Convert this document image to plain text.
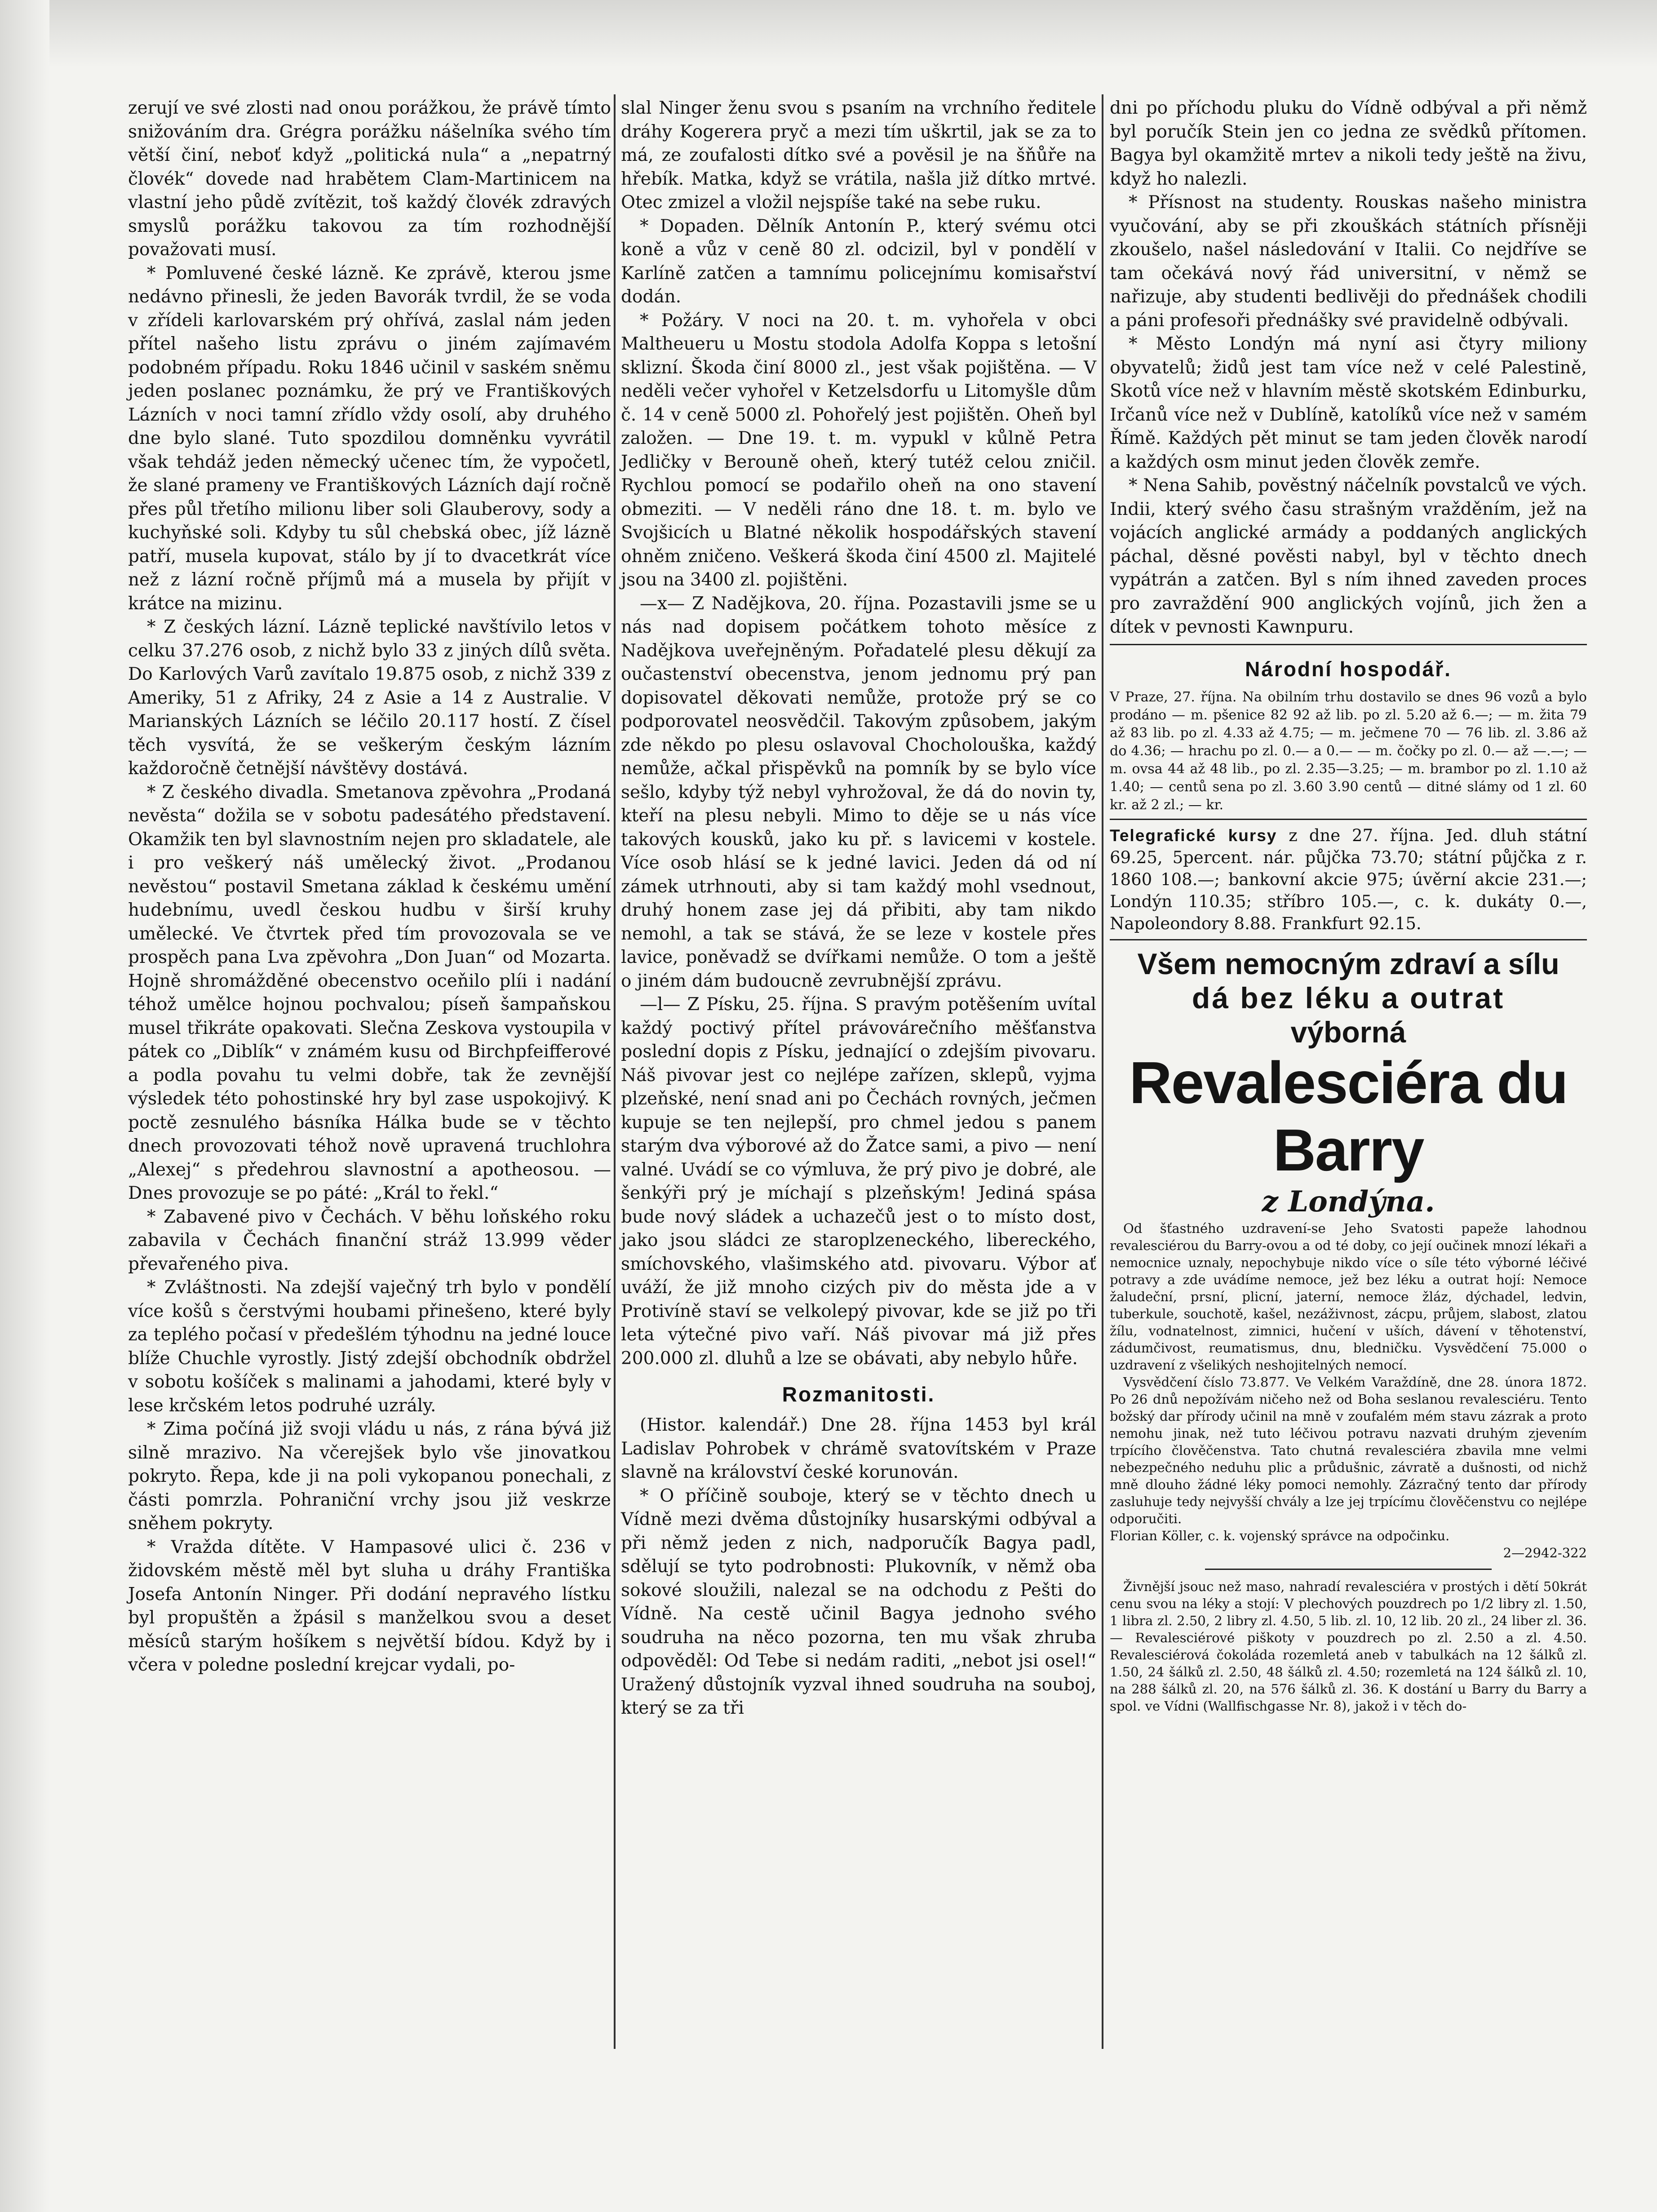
zerují ve své zlosti nad onou porážkou, že právě tímto snižováním dra. Grégra porážku nášelníka svého tím větší činí, neboť když „politická nula“ a „nepatrný človék“ dovede nad hrabětem Clam-Martinicem na vlastní jeho půdě zvítězit, toš každý človék zdravých smyslů porážku takovou za tím rozhodnější považovati musí.

* Pomluvené české lázně. Ke zprávě, kterou jsme nedávno přinesli, že jeden Bavorák tvrdil, že se voda v zřídeli karlovarském prý ohřívá, zaslal nám jeden přítel našeho listu zprávu o jiném zajímavém podobném případu. Roku 1846 učinil v saském sněmu jeden poslanec poznámku, že prý ve Františkových Lázních v noci tamní zřídlo vždy osolí, aby druhého dne bylo slané. Tuto spozdilou domněnku vyvrátil však tehdáž jeden německý učenec tím, že vypočetl, že slané prameny ve Františkových Lázních dají ročně přes půl třetího milionu liber soli Glauberovy, sody a kuchyňské soli. Kdyby tu sůl chebská obec, jíž lázně patří, musela kupovat, stálo by jí to dvacetkrát více než z lázní ročně příjmů má a musela by přijít v krátce na mizinu.

* Z českých lázní. Lázně teplické navštívilo letos v celku 37.276 osob, z nichž bylo 33 z jiných dílů světa. Do Karlových Varů zavítalo 19.875 osob, z nichž 339 z Ameriky, 51 z Afriky, 24 z Asie a 14 z Australie. V Marianských Lázních se léčilo 20.117 hostí. Z čísel těch vysvítá, že se veškerým českým lázním každoročně četnější návštěvy dostává.

* Z českého divadla. Smetanova zpěvohra „Prodaná nevěsta“ dožila se v sobotu padesátého představení. Okamžik ten byl slavnostním nejen pro skladatele, ale i pro veškerý náš umělecký život. „Prodanou nevěstou“ postavil Smetana základ k českému umění hudebnímu, uvedl českou hudbu v širší kruhy umělecké. Ve čtvrtek před tím provozovala se ve prospěch pana Lva zpěvohra „Don Juan“ od Mozarta. Hojně shromážděné obecenstvo oceňilo plíi i nadání téhož umělce hojnou pochvalou; píseň šampaňskou musel třikráte opakovati. Slečna Zeskova vystoupila v pátek co „Diblík“ v známém kusu od Birchpfeifferové a podla povahu tu velmi dobře, tak že zevnější výsledek této pohostinské hry byl zase uspokojivý. K poctě zesnulého básníka Hálka bude se v těchto dnech provozovati téhož nově upravená truchlohra „Alexej“ s předehrou slavnostní a apotheosou. — Dnes provozuje se po páté: „Král to řekl.“

* Zabavené pivo v Čechách. V běhu loňského roku zabavila v Čechách finanční stráž 13.999 věder převařeného piva.

* Zvláštnosti. Na zdejší vaječný trh bylo v pondělí více košů s čerstvými houbami přinešeno, které byly za teplého počasí v předešlém týhodnu na jedné louce blíže Chuchle vyrostly. Jistý zdejší obchodník obdržel v sobotu košíček s malinami a jahodami, které byly v lese krčském letos podruhé uzrály.

* Zima počíná již svoji vládu u nás, z rána bývá již silně mrazivo. Na včerejšek bylo vše jinovatkou pokryto. Řepa, kde ji na poli vykopanou ponechali, z části pomrzla. Pohraniční vrchy jsou již veskrze sněhem pokryty.

* Vražda dítěte. V Hampasové ulici č. 236 v židovském městě měl byt sluha u dráhy Františka Josefa Antonín Ninger. Při dodání nepravého lístku byl propuštěn a žpásil s manželkou svou a deset měsíců starým hošíkem s největší bídou. Když by i včera v poledne poslední krejcar vydali, po-

slal Ninger ženu svou s psaním na vrchního ředitele dráhy Kogerera pryč a mezi tím uškrtil, jak se za to má, ze zoufalosti dítko své a pověsil je na šňůře na hřebík. Matka, když se vrátila, našla již dítko mrtvé. Otec zmizel a vložil nejspíše také na sebe ruku.

* Dopaden. Dělník Antonín P., který svému otci koně a vůz v ceně 80 zl. odcizil, byl v pondělí v Karlíně zatčen a tamnímu policejnímu komisařství dodán.

* Požáry. V noci na 20. t. m. vyhořela v obci Maltheueru u Mostu stodola Adolfa Koppa s letošní sklizní. Škoda činí 8000 zl., jest však pojištěna. — V neděli večer vyhořel v Ketzelsdorfu u Litomyšle dům č. 14 v ceně 5000 zl. Pohořelý jest pojištěn. Oheň byl založen. — Dne 19. t. m. vypukl v kůlně Petra Jedličky v Berouně oheň, který tutéž celou zničil. Rychlou pomocí se podařilo oheň na ono stavení obmeziti. — V neděli ráno dne 18. t. m. bylo ve Svojšicích u Blatné několik hospodářských stavení ohněm zničeno. Veškerá škoda činí 4500 zl. Majitelé jsou na 3400 zl. pojištěni.

—x— Z Nadějkova, 20. října. Pozastavili jsme se u nás nad dopisem počátkem tohoto měsíce z Nadějkova uveřejněným. Pořadatelé plesu děkují za oučastenství obecenstva, jenom jednomu prý pan dopisovatel děkovati nemůže, protože prý se co podporovatel neosvědčil. Takovým způsobem, jakým zde někdo po plesu oslavoval Chocholouška, každý nemůže, ačkal přispěvků na pomník by se bylo více sešlo, kdyby týž nebyl vyhrožoval, že dá do novin ty, kteří na plesu nebyli. Mimo to děje se u nás více takových kousků, jako ku př. s lavicemi v kostele. Více osob hlásí se k jedné lavici. Jeden dá od ní zámek utrhnouti, aby si tam každý mohl vsednout, druhý honem zase jej dá přibiti, aby tam nikdo nemohl, a tak se stává, že se leze v kostele přes lavice, poněvadž se dvířkami nemůže. O tom a ještě o jiném dám budoucně zevrubnější zprávu.

—l— Z Písku, 25. října. S pravým potěšením uvítal každý poctivý přítel právovárečního měšťanstva poslední dopis z Písku, jednající o zdejším pivovaru. Náš pivovar jest co nejlépe zařízen, sklepů, vyjma plzeňské, není snad ani po Čechách rovných, ječmen kupuje se ten nejlepší, pro chmel jedou s panem starým dva výborové až do Žatce sami, a pivo — není valné. Uvádí se co výmluva, že prý pivo je dobré, ale šenkýři prý je míchají s plzeňským! Jediná spása bude nový sládek a uchazečů jest o to místo dost, jako jsou sládci ze staroplzeneckého, libereckého, smíchovského, vlašimského atd. pivovaru. Výbor ať uváží, že již mnoho cizých piv do města jde a v Protivíně staví se velkolepý pivovar, kde se již po tři leta výtečné pivo vaří. Náš pivovar má již přes 200.000 zl. dluhů a lze se obávati, aby nebylo hůře.

Rozmanitosti.

(Histor. kalendář.) Dne 28. října 1453 byl král Ladislav Pohrobek v chrámě svatovítském v Praze slavně na království české korunován.

* O příčině souboje, který se v těchto dnech u Vídně mezi dvěma důstojníky husarskými odbýval a při němž jeden z nich, nadporučík Bagya padl, sdělují se tyto podrobnosti: Plukovník, v němž oba sokové sloužili, nalezal se na odchodu z Pešti do Vídně. Na cestě učinil Bagya jednoho svého soudruha na něco pozorna, ten mu však zhruba odpověděl: Od Tebe si nedám raditi, „nebot jsi osel!“ Uražený důstojník vyzval ihned soudruha na souboj, který se za tři

dni po příchodu pluku do Vídně odbýval a při němž byl poručík Stein jen co jedna ze svědků přítomen. Bagya byl okamžitě mrtev a nikoli tedy ještě na živu, když ho nalezli.

* Přísnost na studenty. Rouskas našeho ministra vyučování, aby se při zkouškách státních přísněji zkoušelo, našel následování v Italii. Co nejdříve se tam očekává nový řád universitní, v němž se nařizuje, aby studenti bedlivěji do přednášek chodili a páni profesoři přednášky své pravidelně odbývali.

* Město Londýn má nyní asi čtyry miliony obyvatelů; židů jest tam více než v celé Palestině, Skotů více než v hlavním městě skotském Edinburku, Irčanů více než v Dublíně, katolíků více než v samém Římě. Každých pět minut se tam jeden člověk narodí a každých osm minut jeden člověk zemře.

* Nena Sahib, pověstný náčelník povstalců ve vých. Indii, který svého času strašným vražděním, jež na vojácích anglické armády a poddaných anglických páchal, děsné pověsti nabyl, byl v těchto dnech vypátrán a zatčen. Byl s ním ihned zaveden proces pro zavraždění 900 anglických vojínů, jich žen a dítek v pevnosti Kawnpuru.

Národní hospodář.

V Praze, 27. října. Na obilním trhu dostavilo se dnes 96 vozů a bylo prodáno — m. pšenice 82 92 až lib. po zl. 5.20 až 6.—; — m. žita 79 až 83 lib. po zl. 4.33 až 4.75; — m. ječmene 70 — 76 lib. zl. 3.86 až do 4.36; — hrachu po zl. 0.— a 0.— — m. čočky po zl. 0.— až —.—; — m. ovsa 44 až 48 lib., po zl. 2.35—3.25; — m. brambor po zl. 1.10 až 1.40; — centů sena po zl. 3.60 3.90 centů — ditné slámy od 1 zl. 60 kr. až 2 zl.; — kr.

Telegrafické kursy z dne 27. října. Jed. dluh státní 69.25, 5percent. nár. půjčka 73.70; státní půjčka z r. 1860 108.—; bankovní akcie 975; úvěrní akcie 231.—; Londýn 110.35; stříbro 105.—, c. k. dukáty 0.—, Napoleondory 8.88. Frankfurt 92.15.

Všem nemocným zdraví a sílu
dá bez léku a outrat
výborná
Revalesciéra du Barry
z Londýna.

Od šťastného uzdravení-se Jeho Svatosti papeže lahodnou revalesciérou du Barry-ovou a od té doby, co její oučinek mnozí lékaři a nemocnice uznaly, nepochybuje nikdo více o síle této výborné léčivé potravy a zde uvádíme nemoce, jež bez léku a outrat hojí: Nemoce žaludeční, prsní, plicní, jaterní, nemoce žláz, dýchadel, ledvin, tuberkule, souchotě, kašel, nezáživnost, zácpu, průjem, slabost, zlatou žílu, vodnatelnost, zimnici, hučení v uších, dávení v těhotenství, zádumčivost, reumatismus, dnu, bledničku. Vysvědčení 75.000 o uzdravení z všelikých neshojitelných nemocí.

Vysvědčení číslo 73.877. Ve Velkém Varaždíně, dne 28. února 1872. Po 26 dnů nepožívám ničeho než od Boha seslanou revalesciéru. Tento božský dar přírody učinil na mně v zoufalém mém stavu zázrak a proto nemohu jinak, než tuto léčivou potravu nazvati druhým zjevením trpícího člověčenstva. Tato chutná revalesciéra zbavila mne velmi nebezpečného neduhu plic a průdušnic, závratě a dušnosti, od nichž mně dlouho žádné léky pomoci nemohly. Zázračný tento dar přírody zasluhuje tedy nejvyšší chvály a lze jej trpícímu člověčenstvu co nejlépe odporučiti.

Florian Köller, c. k. vojenský správce na odpočinku.

2—2942-322

Živnější jsouc než maso, nahradí revalesciéra v prostých i dětí 50krát cenu svou na léky a stojí: V plechových pouzdrech po 1/2 libry zl. 1.50, 1 libra zl. 2.50, 2 libry zl. 4.50, 5 lib. zl. 10, 12 lib. 20 zl., 24 liber zl. 36. — Revalesciérové piškoty v pouzdrech po zl. 2.50 a zl. 4.50. Revalesciérová čokoláda rozemletá aneb v tabulkách na 12 šálků zl. 1.50, 24 šálků zl. 2.50, 48 šálků zl. 4.50; rozemletá na 124 šálků zl. 10, na 288 šálků zl. 20, na 576 šálků zl. 36. K dostání u Barry du Barry a spol. ve Vídni (Wallfischgasse Nr. 8), jakož i v těch do-
